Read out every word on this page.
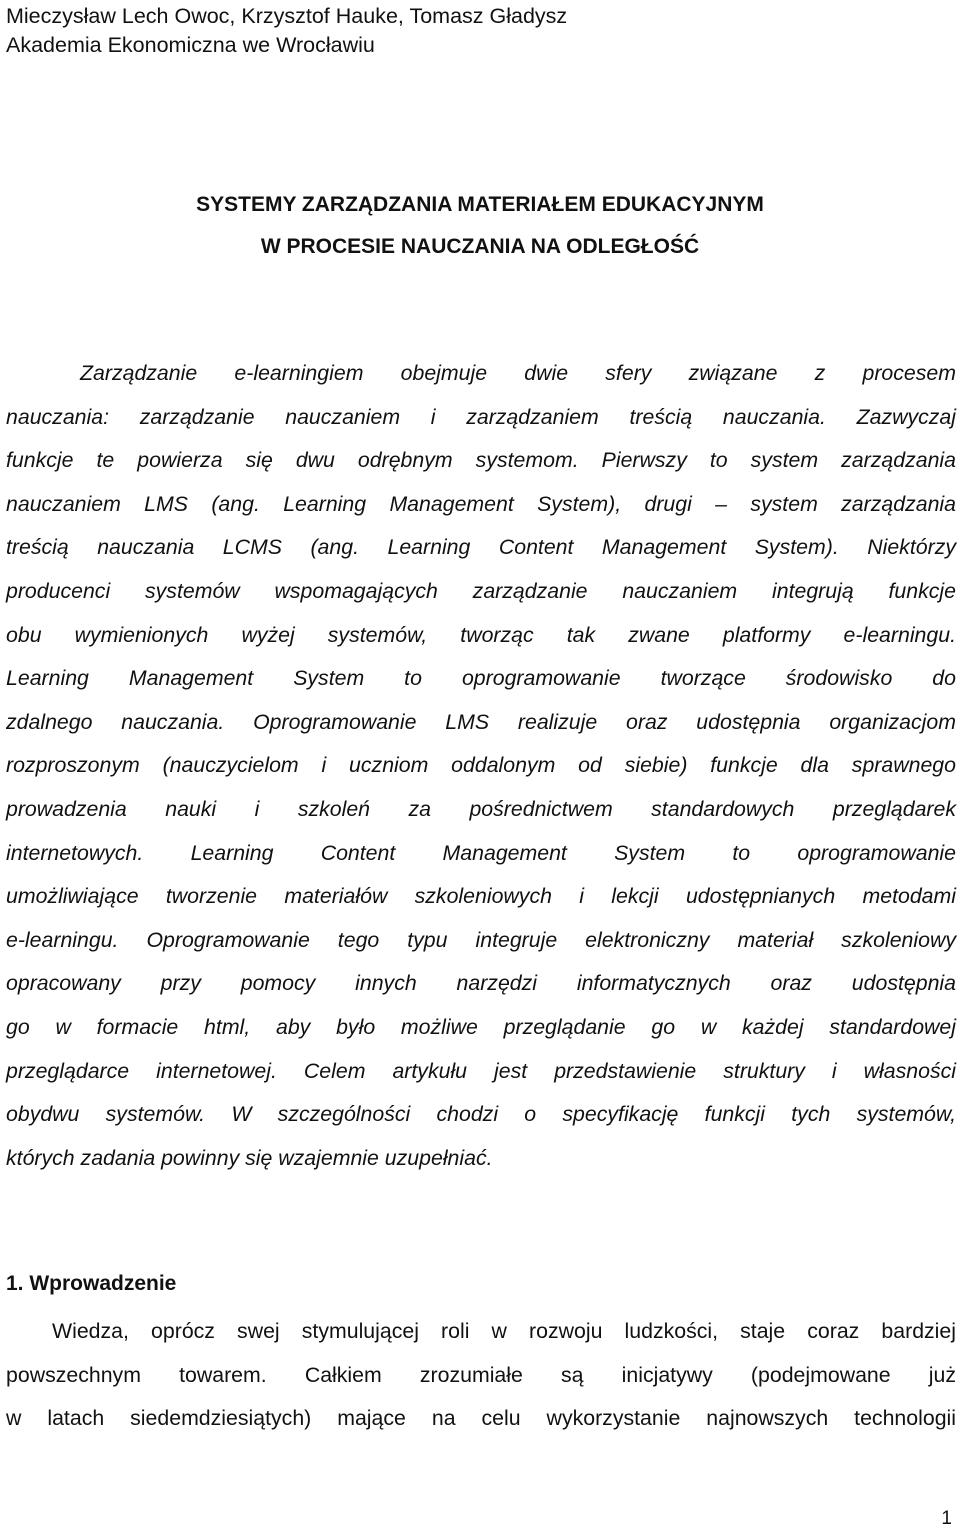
Mieczysław Lech Owoc, Krzysztof Hauke, Tomasz Gładysz
Akademia Ekonomiczna we Wrocławiu
SYSTEMY ZARZĄDZANIA MATERIAŁEM EDUKACYJNYM
W PROCESIE NAUCZANIA NA ODLEGŁOŚĆ
Zarządzanie e-learningiem obejmuje dwie sfery związane z procesem
nauczania: zarządzanie nauczaniem i zarządzaniem treścią nauczania. Zazwyczaj
funkcje te powierza się dwu odrębnym systemom. Pierwszy to system zarządzania
nauczaniem LMS (ang. Learning Management System), drugi – system zarządzania
treścią nauczania LCMS (ang. Learning Content Management System). Niektórzy
producenci systemów wspomagających zarządzanie nauczaniem integrują funkcje
obu wymienionych wyżej systemów, tworząc tak zwane platformy e-learningu.
Learning Management System to oprogramowanie tworzące środowisko do
zdalnego nauczania. Oprogramowanie LMS realizuje oraz udostępnia organizacjom
rozproszonym (nauczycielom i uczniom oddalonym od siebie) funkcje dla sprawnego
prowadzenia nauki i szkoleń za pośrednictwem standardowych przeglądarek
internetowych. Learning Content Management System to oprogramowanie
umożliwiające tworzenie materiałów szkoleniowych i lekcji udostępnianych metodami
e-learningu. Oprogramowanie tego typu integruje elektroniczny materiał szkoleniowy
opracowany przy pomocy innych narzędzi informatycznych oraz udostępnia
go w formacie html, aby było możliwe przeglądanie go w każdej standardowej
przeglądarce internetowej. Celem artykułu jest przedstawienie struktury i własności
obydwu systemów. W szczególności chodzi o specyfikację funkcji tych systemów,
których zadania powinny się wzajemnie uzupełniać.
1. Wprowadzenie
Wiedza, oprócz swej stymulującej roli w rozwoju ludzkości, staje coraz bardziej
powszechnym towarem. Całkiem zrozumiałe są inicjatywy (podejmowane już
w latach siedemdziesiątych) mające na celu wykorzystanie najnowszych technologii
1
